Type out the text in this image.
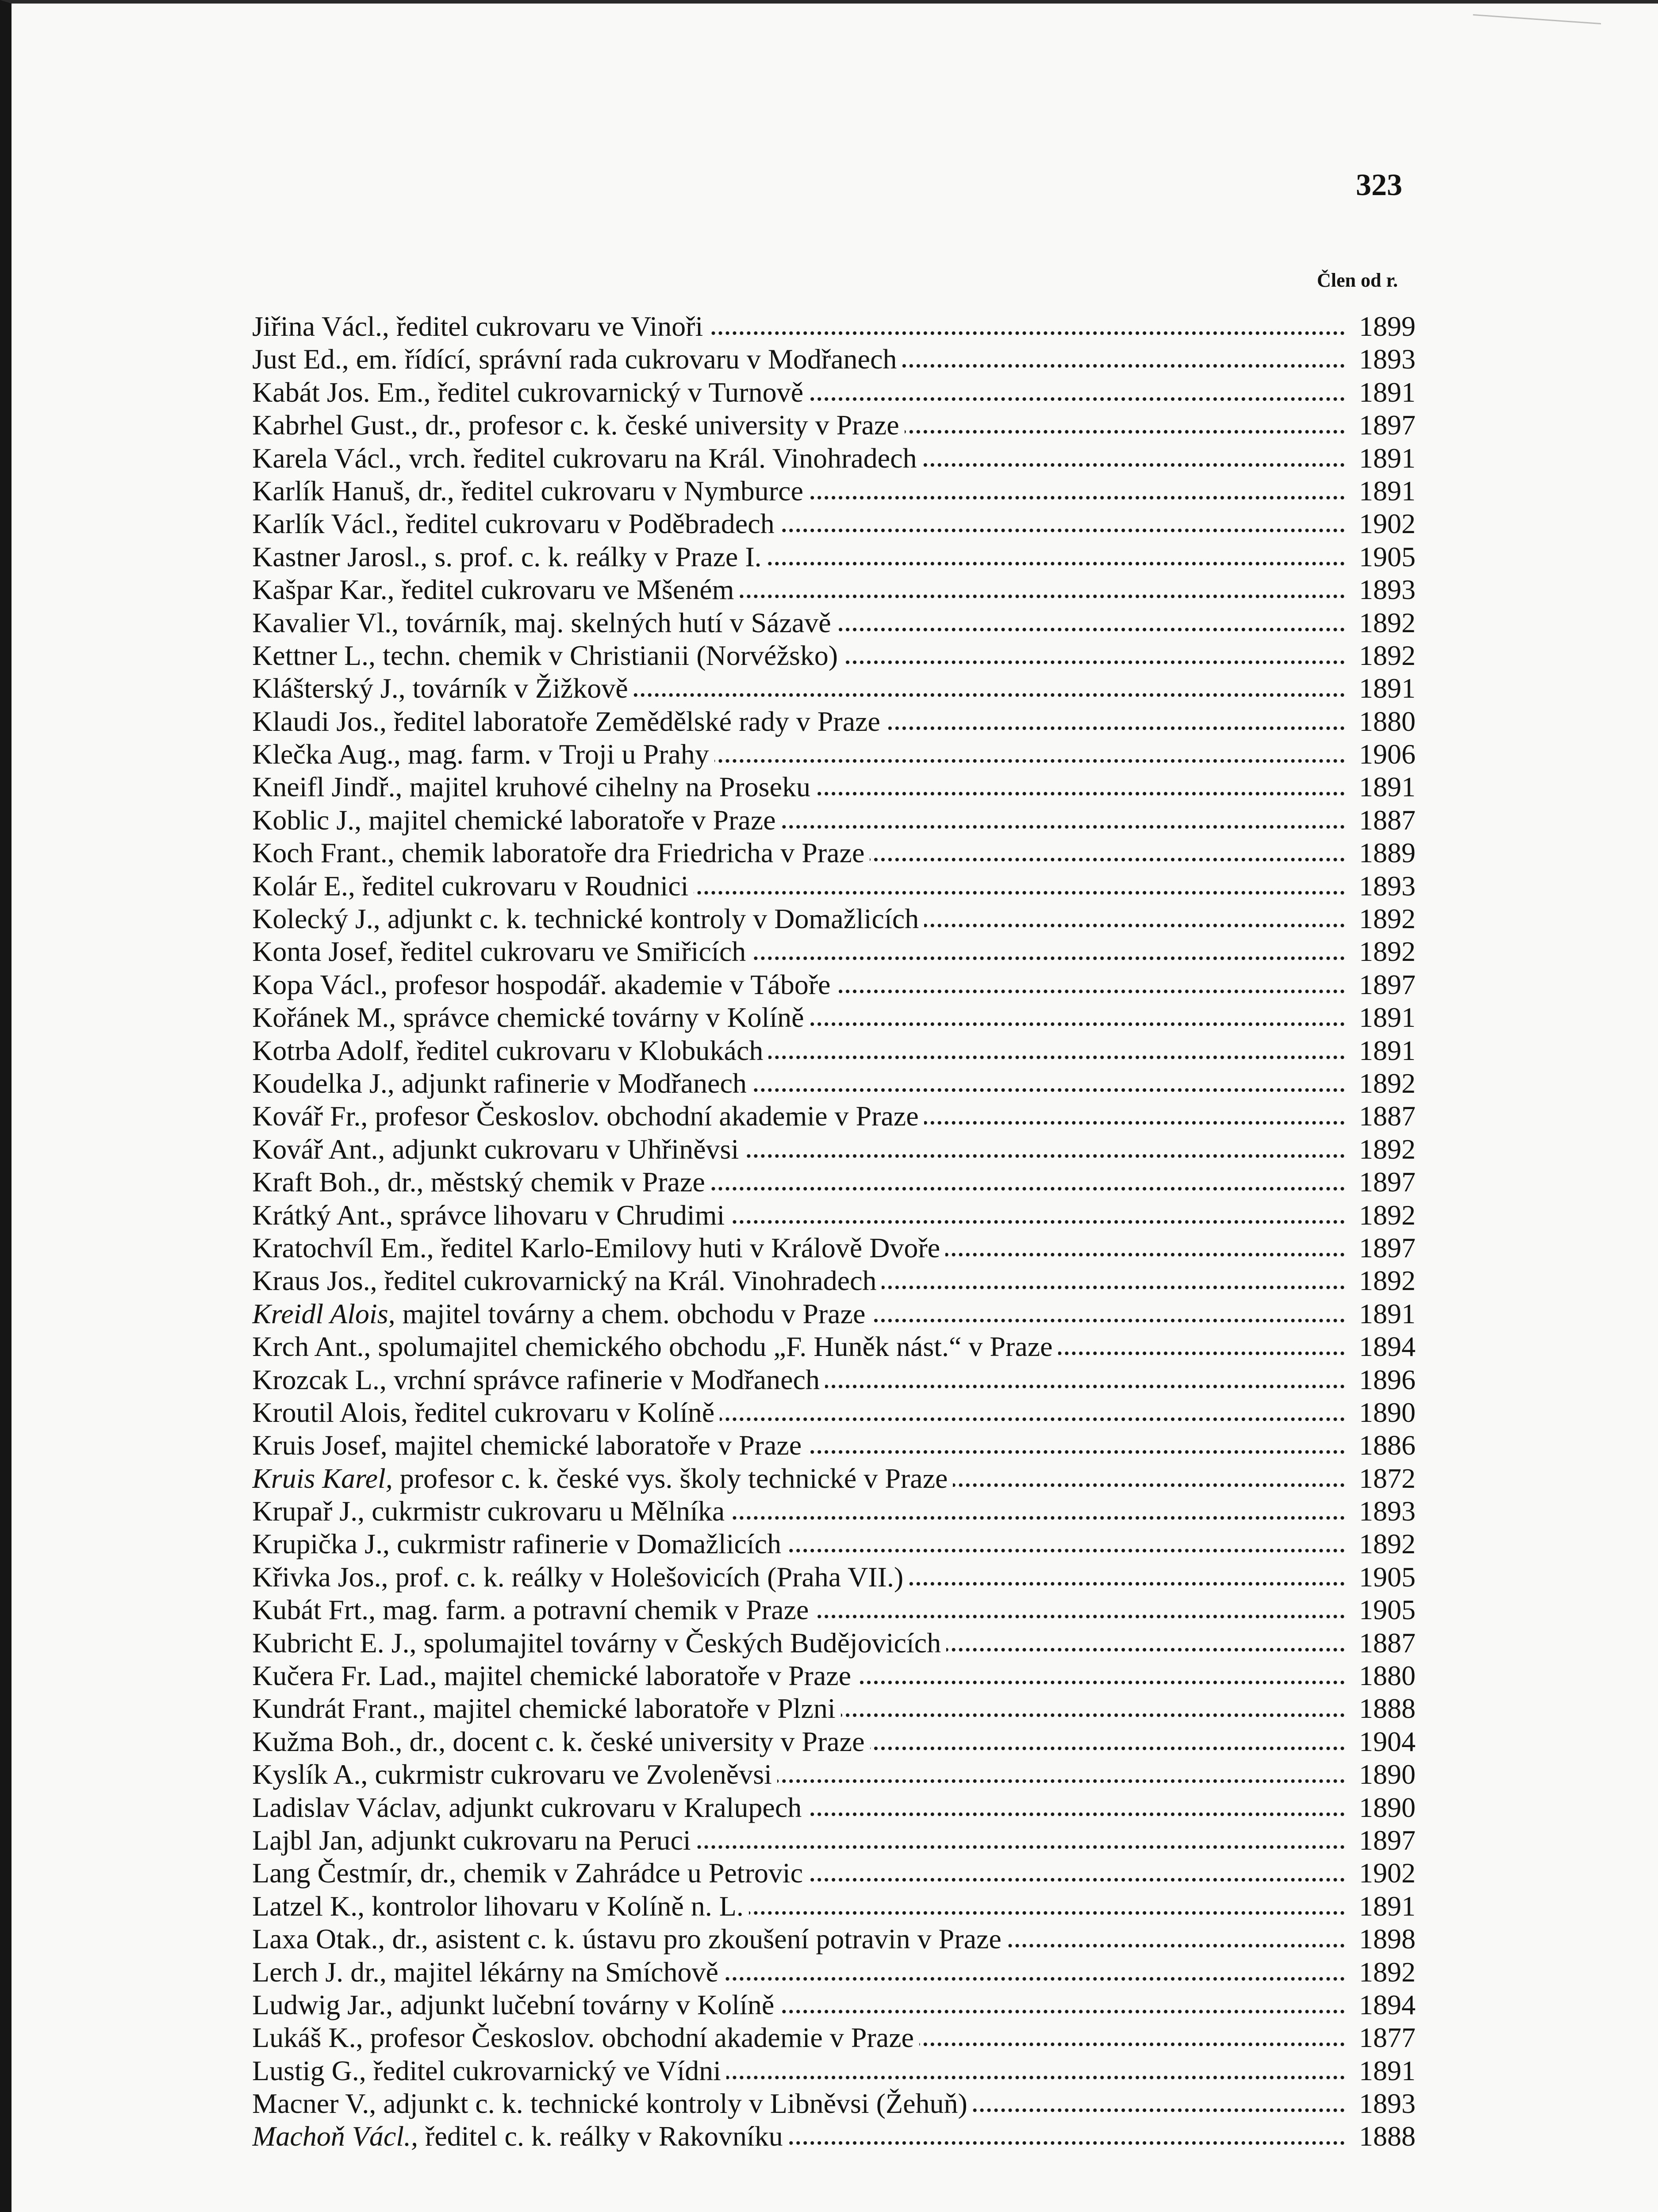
323
Člen od r.
Jiřina Václ., ředitel cukrovaru ve Vinoři	1899
Just Ed., em. řídící, správní rada cukrovaru v Modřanech	1893
Kabát Jos. Em., ředitel cukrovarnický v Turnově	1891
Kabrhel Gust., dr., profesor c. k. české university v Praze	1897
Karela Václ., vrch. ředitel cukrovaru na Král. Vinohradech	1891
Karlík Hanuš, dr., ředitel cukrovaru v Nymburce	1891
Karlík Václ., ředitel cukrovaru v Poděbradech	1902
Kastner Jarosl., s. prof. c. k. reálky v Praze I.	1905
Kašpar Kar., ředitel cukrovaru ve Mšeném	1893
Kavalier Vl., továrník, maj. skelných hutí v Sázavě	1892
Kettner L., techn. chemik v Christianii (Norvéžsko)	1892
Klášterský J., továrník v Žižkově	1891
Klaudi Jos., ředitel laboratoře Zemědělské rady v Praze	1880
Klečka Aug., mag. farm. v Troji u Prahy	1906
Kneifl Jindř., majitel kruhové cihelny na Proseku	1891
Koblic J., majitel chemické laboratoře v Praze	1887
Koch Frant., chemik laboratoře dra Friedricha v Praze	1889
Kolár E., ředitel cukrovaru v Roudnici	1893
Kolecký J., adjunkt c. k. technické kontroly v Domažlicích	1892
Konta Josef, ředitel cukrovaru ve Smiřicích	1892
Kopa Václ., profesor hospodář. akademie v Táboře	1897
Kořánek M., správce chemické továrny v Kolíně	1891
Kotrba Adolf, ředitel cukrovaru v Klobukách	1891
Koudelka J., adjunkt rafinerie v Modřanech	1892
Kovář Fr., profesor Českoslov. obchodní akademie v Praze	1887
Kovář Ant., adjunkt cukrovaru v Uhřiněvsi	1892
Kraft Boh., dr., městský chemik v Praze	1897
Krátký Ant., správce lihovaru v Chrudimi	1892
Kratochvíl Em., ředitel Karlo-Emilovy huti v Králově Dvoře	1897
Kraus Jos., ředitel cukrovarnický na Král. Vinohradech	1892
Kreidl Alois, majitel továrny a chem. obchodu v Praze	1891
Krch Ant., spolumajitel chemického obchodu „F. Huněk nást.“ v Praze	1894
Krozcak L., vrchní správce rafinerie v Modřanech	1896
Kroutil Alois, ředitel cukrovaru v Kolíně	1890
Kruis Josef, majitel chemické laboratoře v Praze	1886
Kruis Karel, profesor c. k. české vys. školy technické v Praze	1872
Krupař J., cukrmistr cukrovaru u Mělníka	1893
Krupička J., cukrmistr rafinerie v Domažlicích	1892
Křivka Jos., prof. c. k. reálky v Holešovicích (Praha VII.)	1905
Kubát Frt., mag. farm. a potravní chemik v Praze	1905
Kubricht E. J., spolumajitel továrny v Českých Budějovicích	1887
Kučera Fr. Lad., majitel chemické laboratoře v Praze	1880
Kundrát Frant., majitel chemické laboratoře v Plzni	1888
Kužma Boh., dr., docent c. k. české university v Praze	1904
Kyslík A., cukrmistr cukrovaru ve Zvoleněvsi	1890
Ladislav Václav, adjunkt cukrovaru v Kralupech	1890
Lajbl Jan, adjunkt cukrovaru na Peruci	1897
Lang Čestmír, dr., chemik v Zahrádce u Petrovic	1902
Latzel K., kontrolor lihovaru v Kolíně n. L.	1891
Laxa Otak., dr., asistent c. k. ústavu pro zkoušení potravin v Praze	1898
Lerch J. dr., majitel lékárny na Smíchově	1892
Ludwig Jar., adjunkt lučební továrny v Kolíně	1894
Lukáš K., profesor Českoslov. obchodní akademie v Praze	1877
Lustig G., ředitel cukrovarnický ve Vídni	1891
Macner V., adjunkt c. k. technické kontroly v Libněvsi (Žehuň)	1893
Machoň Václ., ředitel c. k. reálky v Rakovníku	1888
